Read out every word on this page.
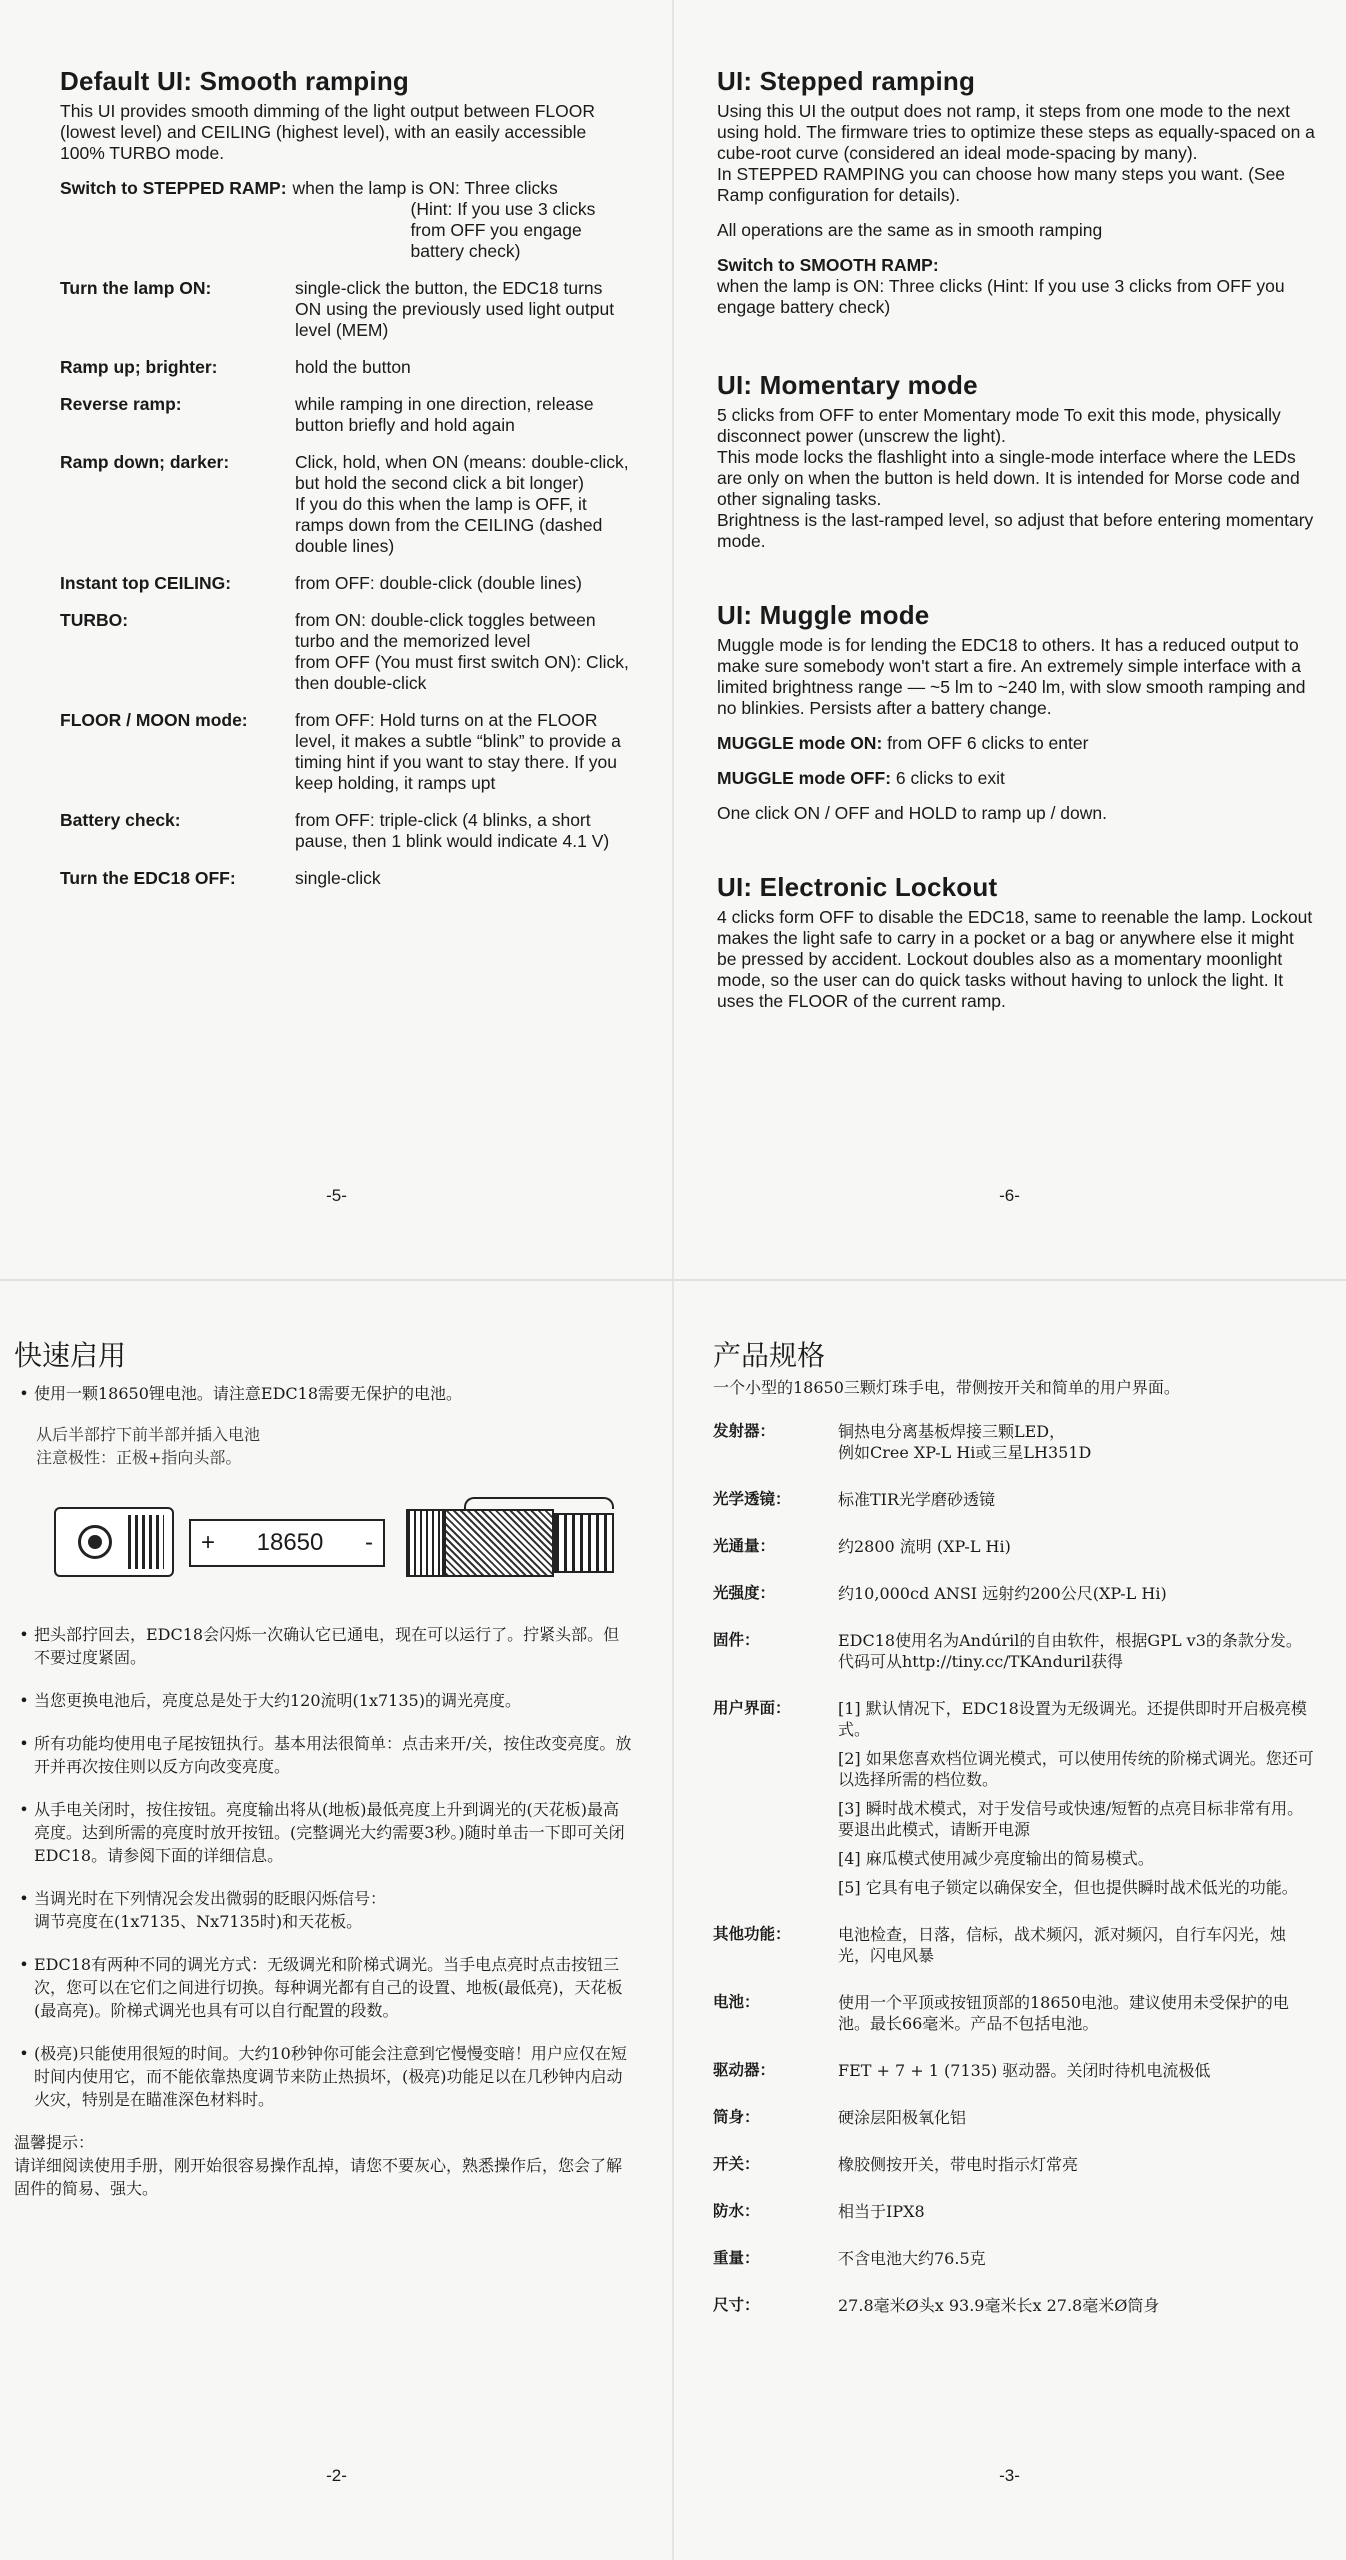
Default UI: Smooth ramping

This UI provides smooth dimming of the light output between FLOOR (lowest level) and CEILING (highest level), with an easily accessible 100% TURBO mode.

Switch to STEPPED RAMP: when the lamp is ON: Three clicks

(Hint: If you use 3 clicks from OFF you engage battery check)
Turn the lamp ON:	single-click the button, the EDC18 turns ON using the previously used light output level (MEM)
Ramp up; brighter:	hold the button
Reverse ramp:	while ramping in one direction, release button briefly and hold again
Ramp down; darker:	Click, hold, when ON (means: double-click, but hold the second click a bit longer)
If you do this when the lamp is OFF, it ramps down from the CEILING (dashed double lines)
Instant top CEILING:	from OFF: double-click (double lines)
TURBO:	from ON: double-click toggles between turbo and the memorized level
from OFF (You must first switch ON): Click, then double-click
FLOOR / MOON mode:	from OFF: Hold turns on at the FLOOR level, it makes a subtle “blink” to provide a timing hint if you want to stay there. If you keep holding, it ramps upt
Battery check:	from OFF: triple-click (4 blinks, a short pause, then 1 blink would indicate 4.1 V)
Turn the EDC18 OFF:	single-click
-5-
UI: Stepped ramping

Using this UI the output does not ramp, it steps from one mode to the next using hold. The firmware tries to optimize these steps as equally-spaced on a cube-root curve (considered an ideal mode-spacing by many).

In STEPPED RAMPING you can choose how many steps you want. (See Ramp configuration for details).

All operations are the same as in smooth ramping

Switch to SMOOTH RAMP:

when the lamp is ON: Three clicks (Hint: If you use 3 clicks from OFF you engage battery check)

UI: Momentary mode

5 clicks from OFF to enter Momentary mode To exit this mode, physically disconnect power (unscrew the light).

This mode locks the flashlight into a single-mode interface where the LEDs are only on when the button is held down. It is intended for Morse code and other signaling tasks.

Brightness is the last-ramped level, so adjust that before entering momentary mode.

UI: Muggle mode

Muggle mode is for lending the EDC18 to others. It has a reduced output to make sure somebody won't start a fire. An extremely simple interface with a limited brightness range — ~5 lm to ~240 lm, with slow smooth ramping and no blinkies. Persists after a battery change.

MUGGLE mode ON: from OFF 6 clicks to enter

MUGGLE mode OFF: 6 clicks to exit

One click ON / OFF and HOLD to ramp up / down.

UI: Electronic Lockout

4 clicks form OFF to disable the EDC18, same to reenable the lamp. Lockout makes the light safe to carry in a pocket or a bag or anywhere else it might be pressed by accident. Lockout doubles also as a momentary moonlight mode, so the user can do quick tasks without having to unlock the light. It uses the FLOOR of the current ramp.

-6-
快速启用
• 使用一颗18650锂电池。请注意EDC18需要无保护的电池。

从后半部拧下前半部并插入电池

注意极性：正极+指向头部。

+ 18650 -
• 把头部拧回去，EDC18会闪烁一次确认它已通电，现在可以运行了。拧紧头部。但不要过度紧固。
• 当您更换电池后，亮度总是处于大约120流明(1x7135)的调光亮度。
• 所有功能均使用电子尾按钮执行。基本用法很简单：点击来开/关，按住改变亮度。放开并再次按住则以反方向改变亮度。
• 从手电关闭时，按住按钮。亮度输出将从(地板)最低亮度上升到调光的(天花板)最高亮度。达到所需的亮度时放开按钮。(完整调光大约需要3秒。)随时单击一下即可关闭EDC18。请参阅下面的详细信息。
• 当调光时在下列情况会发出微弱的眨眼闪烁信号：
调节亮度在(1x7135、Nx7135时)和天花板。
• EDC18有两种不同的调光方式：无级调光和阶梯式调光。当手电点亮时点击按钮三次，您可以在它们之间进行切换。每种调光都有自己的设置、地板(最低亮)，天花板(最高亮)。阶梯式调光也具有可以自行配置的段数。
• (极亮)只能使用很短的时间。大约10秒钟你可能会注意到它慢慢变暗！用户应仅在短时间内使用它，而不能依靠热度调节来防止热损坏，(极亮)功能足以在几秒钟内启动火灾，特别是在瞄准深色材料时。

温馨提示：

请详细阅读使用手册，刚开始很容易操作乱掉，请您不要灰心，熟悉操作后，您会了解固件的简易、强大。

-2-
产品规格

一个小型的18650三颗灯珠手电，带侧按开关和简单的用户界面。

发射器：	铜热电分离基板焊接三颗LED，
例如Cree XP-L Hi或三星LH351D

光学透镜：	标准TIR光学磨砂透镜

光通量：	约2800 流明 (XP-L Hi)

光强度：	约10,000cd ANSI 远射约200公尺(XP-L Hi)

固件：	EDC18使用名为Andúril的自由软件，根据GPL v3的条款分发。代码可从http://tiny.cc/TKAnduril获得

用户界面：	[1] 默认情况下，EDC18设置为无级调光。还提供即时开启极亮模式。

[2] 如果您喜欢档位调光模式，可以使用传统的阶梯式调光。您还可以选择所需的档位数。

[3] 瞬时战术模式，对于发信号或快速/短暂的点亮目标非常有用。要退出此模式，请断开电源

[4] 麻瓜模式使用减少亮度输出的简易模式。

[5] 它具有电子锁定以确保安全，但也提供瞬时战术低光的功能。

其他功能：	电池检查，日落，信标，战术频闪，派对频闪，自行车闪光，烛光，闪电风暴

电池：	使用一个平顶或按钮顶部的18650电池。建议使用未受保护的电池。最长66毫米。产品不包括电池。

驱动器：	FET + 7 + 1 (7135) 驱动器。关闭时待机电流极低

筒身：	硬涂层阳极氧化铝

开关：	橡胶侧按开关，带电时指示灯常亮

防水：	相当于IPX8

重量：	不含电池大约76.5克

尺寸：	27.8毫米Ø头x 93.9毫米长x 27.8毫米Ø筒身

-3-
